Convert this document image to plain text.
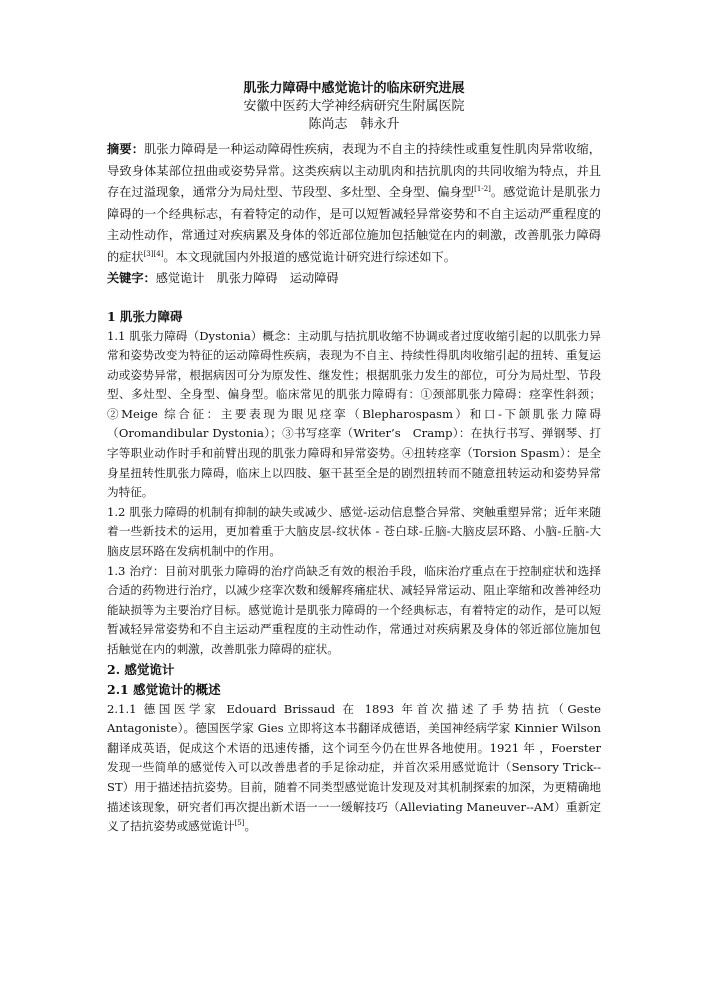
肌张力障碍中感觉诡计的临床研究进展

安徽中医药大学神经病研究生附属医院

陈尚志　韩永升

摘要：肌张力障碍是一种运动障碍性疾病，表现为不自主的持续性或重复性肌肉异常收缩，导致身体某部位扭曲或姿势异常。这类疾病以主动肌肉和拮抗肌肉的共同收缩为特点，并且存在过溢现象，通常分为局灶型、节段型、多灶型、全身型、偏身型[1-2]。感觉诡计是肌张力障碍的一个经典标志，有着特定的动作，是可以短暂减轻异常姿势和不自主运动严重程度的主动性动作，常通过对疾病累及身体的邻近部位施加包括触觉在内的刺激，改善肌张力障碍的症状[3][4]。本文现就国内外报道的感觉诡计研究进行综述如下。

关键字：感觉诡计　肌张力障碍　运动障碍

1 肌张力障碍

1.1 肌张力障碍（Dystonia）概念：主动肌与拮抗肌收缩不协调或者过度收缩引起的以肌张力异常和姿势改变为特征的运动障碍性疾病，表现为不自主、持续性得肌肉收缩引起的扭转、重复运动或姿势异常，根据病因可分为原发性、继发性；根据肌张力发生的部位，可分为局灶型、节段型、多灶型、全身型、偏身型。临床常见的肌张力障碍有：①颈部肌张力障碍：痉挛性斜颈；②Meige 综合征：主要表现为眼见痉挛（Blepharospasm）和口-下颌肌张力障碍（Oromandibular Dystonia）；③书写痉挛（Writer’s　Cramp）：在执行书写、弹钢琴、打字等职业动作时手和前臂出现的肌张力障碍和异常姿势。④扭转痉挛（Torsion Spasm）：是全身星扭转性肌张力障碍，临床上以四肢、躯干甚至全是的剧烈扭转而不随意扭转运动和姿势异常为特征。

1.2 肌张力障碍的机制有抑制的缺失或减少、感觉-运动信息整合异常、突触重塑异常；近年来随着一些新技术的运用，更加着重于大脑皮层-纹状体 - 苍白球-丘脑-大脑皮层环路、小脑-丘脑-大脑皮层环路在发病机制中的作用。

1.3 治疗：目前对肌张力障碍的治疗尚缺乏有效的根治手段，临床治疗重点在于控制症状和选择合适的药物进行治疗，以减少痉挛次数和缓解疼痛症状、减轻异常运动、阻止挛缩和改善神经功能缺损等为主要治疗目标。感觉诡计是肌张力障碍的一个经典标志，有着特定的动作，是可以短暂减轻异常姿势和不自主运动严重程度的主动性动作，常通过对疾病累及身体的邻近部位施加包括触觉在内的刺激，改善肌张力障碍的症状。

2. 感觉诡计

2.1 感觉诡计的概述

2.1.1 德国医学家 Edouard Brissaud 在 1893 年首次描述了手势拮抗（Geste Antagoniste）。德国医学家 Gies 立即将这本书翻译成德语，美国神经病学家 Kinnier Wilson 翻译成英语，促成这个术语的迅速传播，这个词至今仍在世界各地使用。1921 年 ，Foerster 发现一些简单的感觉传入可以改善患者的手足徐动症，并首次采用感觉诡计（Sensory Trick--ST）用于描述拮抗姿势。目前，随着不同类型感觉诡计发现及对其机制探索的加深，为更精确地描述该现象，研究者们再次提出新术语一一一缓解技巧（Alleviating Maneuver--AM）重新定义了拮抗姿势或感觉诡计[5]。
